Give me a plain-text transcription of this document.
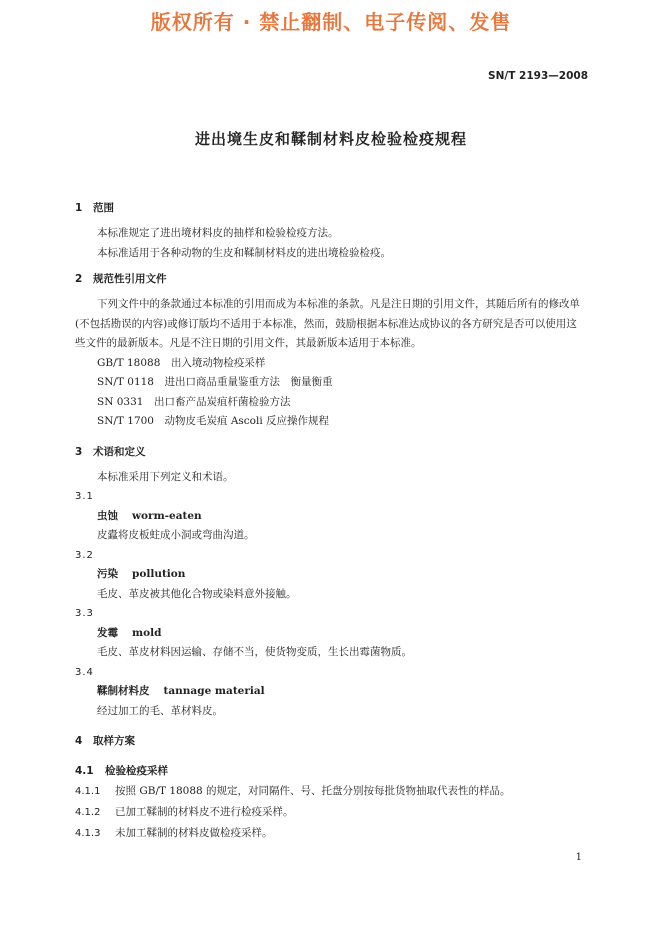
版权所有 · 禁止翻制、电子传阅、发售
SN/T 2193—2008
进出境生皮和鞣制材料皮检验检疫规程
1 范围
本标准规定了进出境材料皮的抽样和检验检疫方法。
本标准适用于各种动物的生皮和鞣制材料皮的进出境检验检疫。
2 规范性引用文件
下列文件中的条款通过本标准的引用而成为本标准的条款。凡是注日期的引用文件，其随后所有的修改单(不包括勘误的内容)或修订版均不适用于本标准，然而，鼓励根据本标准达成协议的各方研究是否可以使用这些文件的最新版本。凡是不注日期的引用文件，其最新版本适用于本标准。
GB/T 18088　出入境动物检疫采样
SN/T 0118　进出口商品重量鉴重方法　衡量衡重
SN 0331　出口畜产品炭疽杆菌检验方法
SN/T 1700　动物皮毛炭疽 Ascoli 反应操作规程
3 术语和定义
本标准采用下列定义和术语。
3.1
虫蚀 worm-eaten
皮蠹将皮板蛀成小洞或弯曲沟道。
3.2
污染 pollution
毛皮、革皮被其他化合物或染料意外接触。
3.3
发霉 mold
毛皮、革皮材料因运输、存储不当，使货物变质，生长出霉菌物质。
3.4
鞣制材料皮 tannage material
经过加工的毛、革材料皮。
4 取样方案
4.1 检验检疫采样
4.1.1 按照 GB/T 18088 的规定，对同隔件、号、托盘分别按每批货物抽取代表性的样品。
4.1.2 已加工鞣制的材料皮不进行检疫采样。
4.1.3 未加工鞣制的材料皮做检疫采样。
1
